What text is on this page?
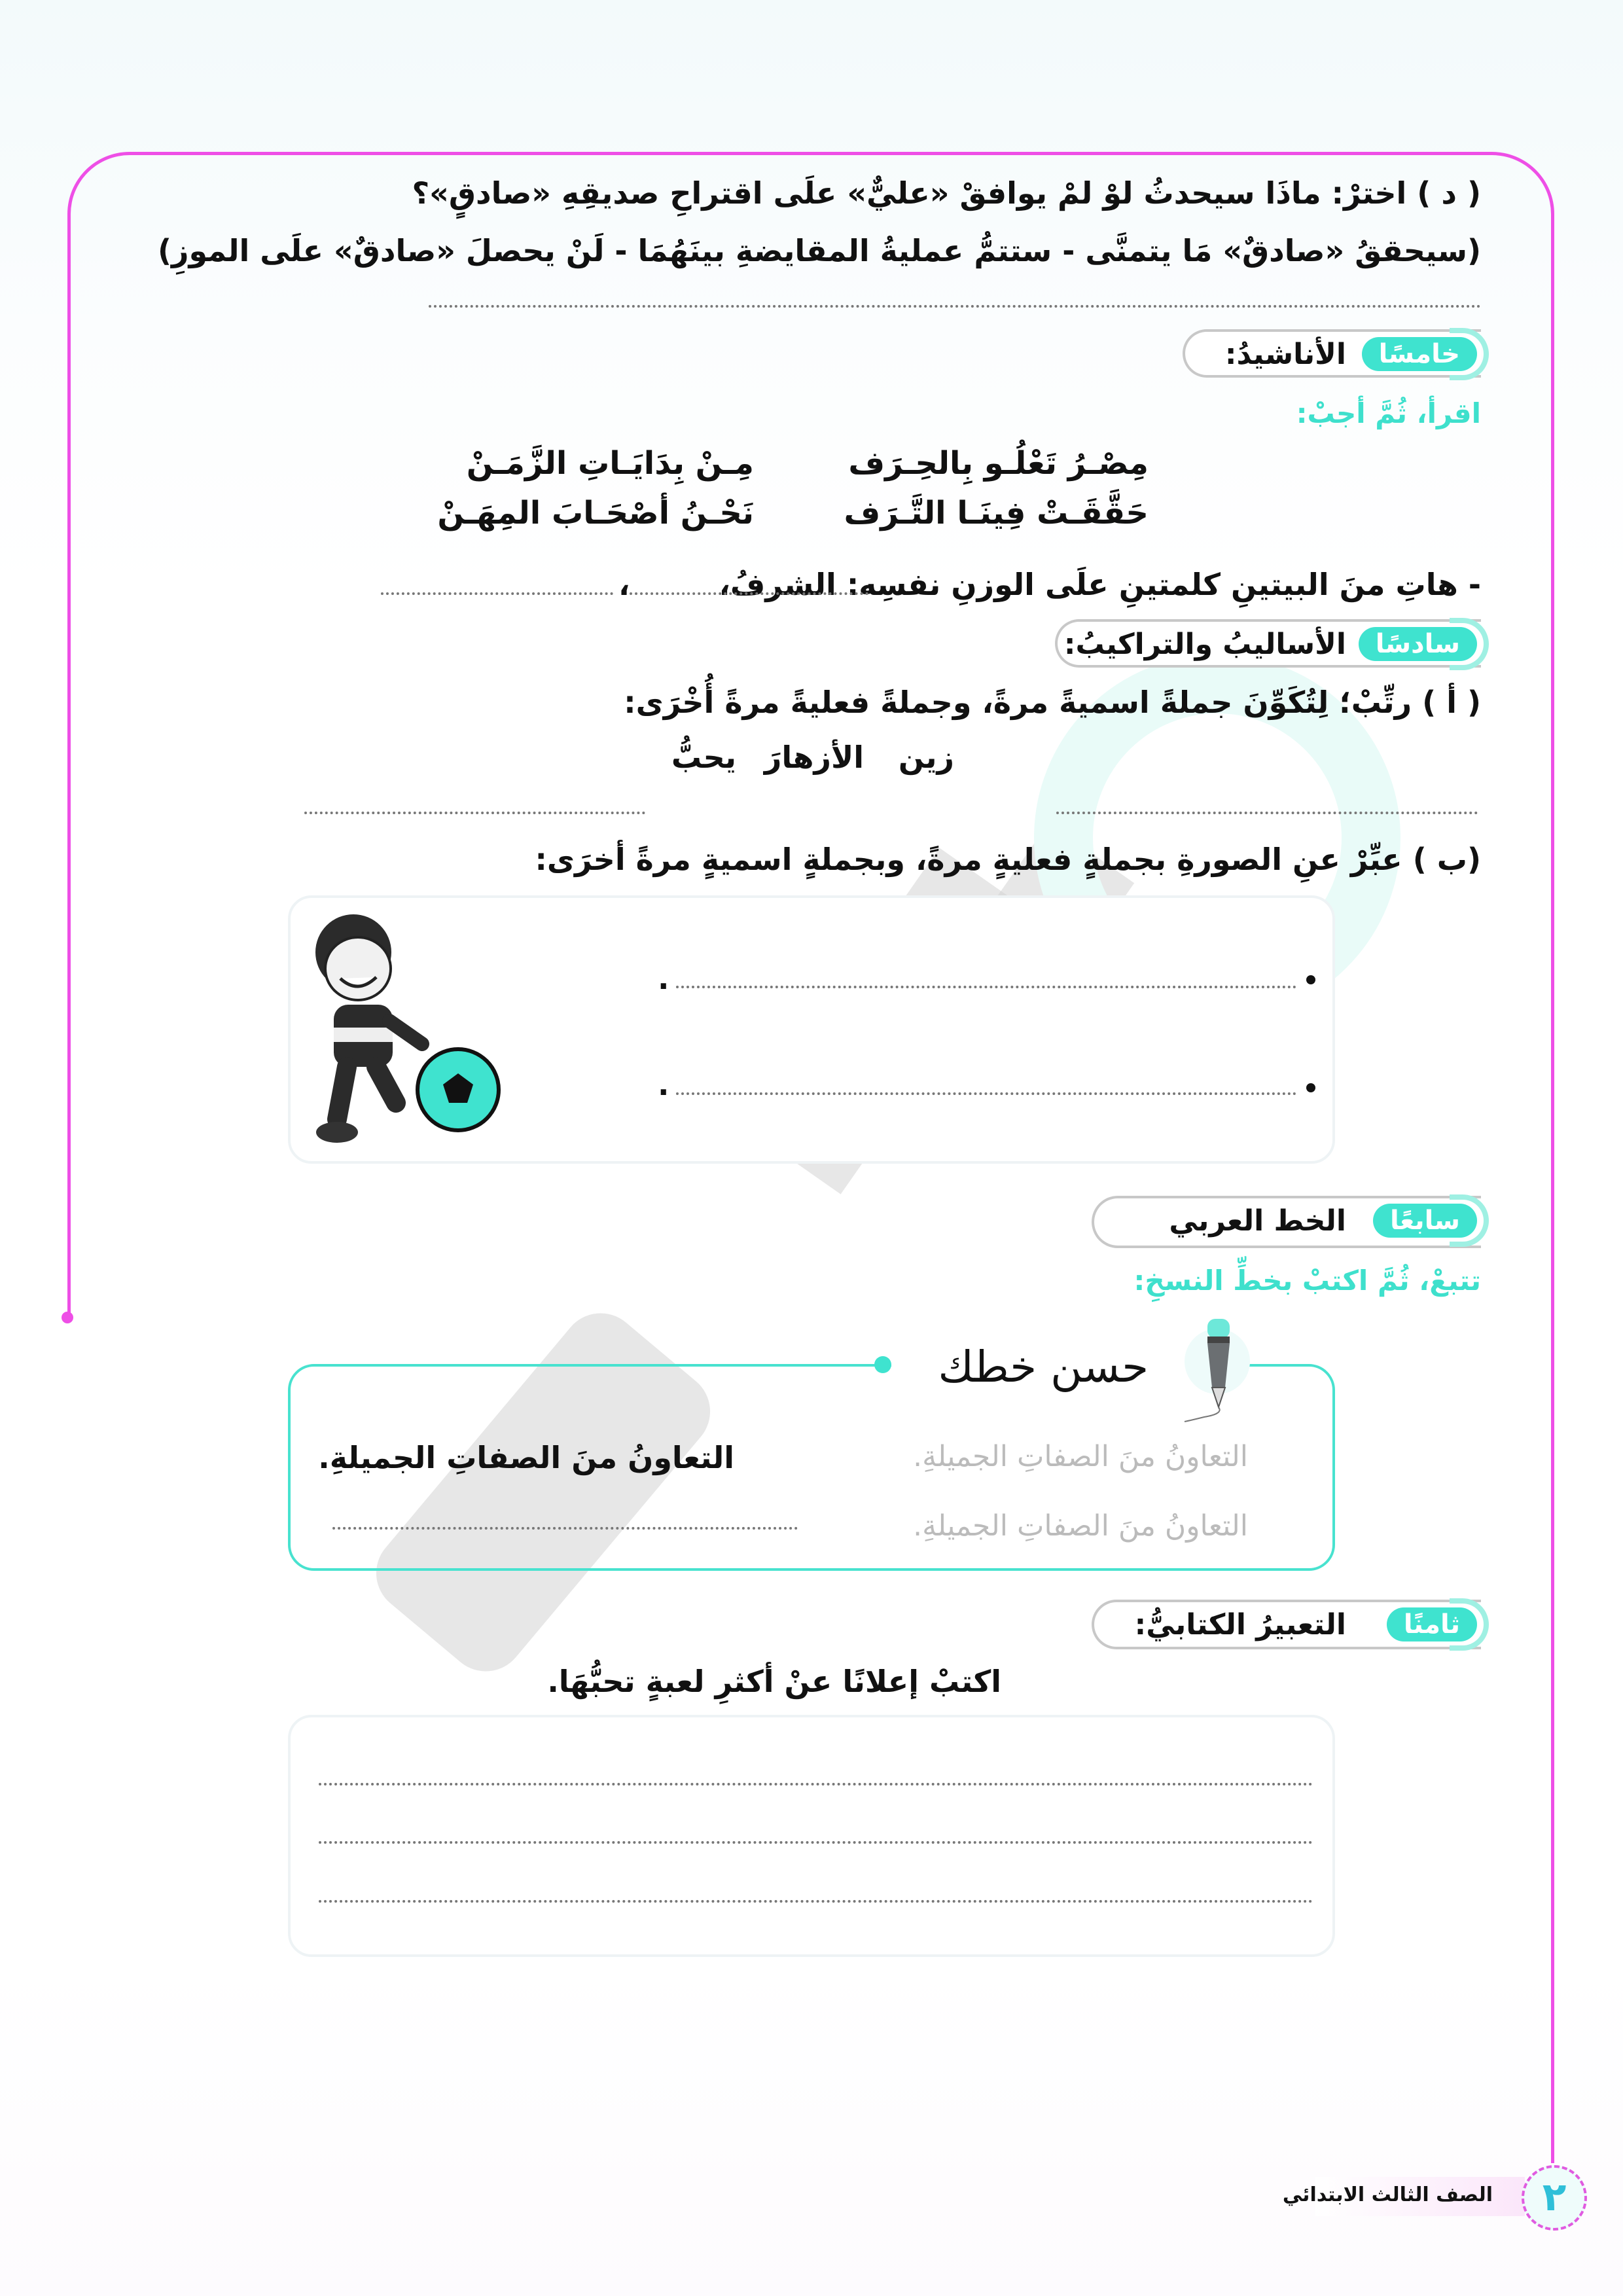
( د ) اخترْ: ماذَا سيحدثُ لوْ لمْ يوافقْ «عليٌّ» علَى اقتراحِ صديقِهِ «صادقٍ»؟
(سيحققُ «صادقٌ» مَا يتمنَّى - ستتمُّ عمليةُ المقايضةِ بينَهُمَا - لَنْ يحصلَ «صادقٌ» علَى الموزِ)
خامسًا
الأناشيدُ:
اقرأ، ثُمَّ أجبْ:
مِصْـرُ تَعْلُـو بِالحِـرَف
مِـنْ بِدَايَـاتِ الزَّمَـنْ
حَقَّقَـتْ فِينَـا التَّـرَف
نَحْـنُ أصْحَـابَ المِهَـنْ
- هاتِ منَ البيتينِ كلمتينِ علَى الوزنِ نفسِه: الشرفُ،
،
سادسًا
الأساليبُ والتراكيبُ:
( أ ) رتِّبْ؛ لِتُكَوِّنَ جملةً اسميةً مرةً، وجملةً فعليةً مرةً أُخْرَى:
زين
الأزهارَ
يحبُّ
(ب ) عبِّرْ عنِ الصورةِ بجملةٍ فعليةٍ مرةً، وبجملةٍ اسميةٍ مرةً أخرَى:
.
.
سابعًا
الخط العربي
تتبعْ، ثُمَّ اكتبْ بخطِّ النسخِ:
حسن خطك
التعاونُ منَ الصفاتِ الجميلةِ.
التعاونُ منَ الصفاتِ الجميلةِ.
التعاونُ منَ الصفاتِ الجميلةِ.
ثامنًا
التعبيرُ الكتابيُّ:
اكتبْ إعلانًا عنْ أكثرِ لعبةٍ تحبُّهَا.
الصف الثالث الابتدائي	٢
